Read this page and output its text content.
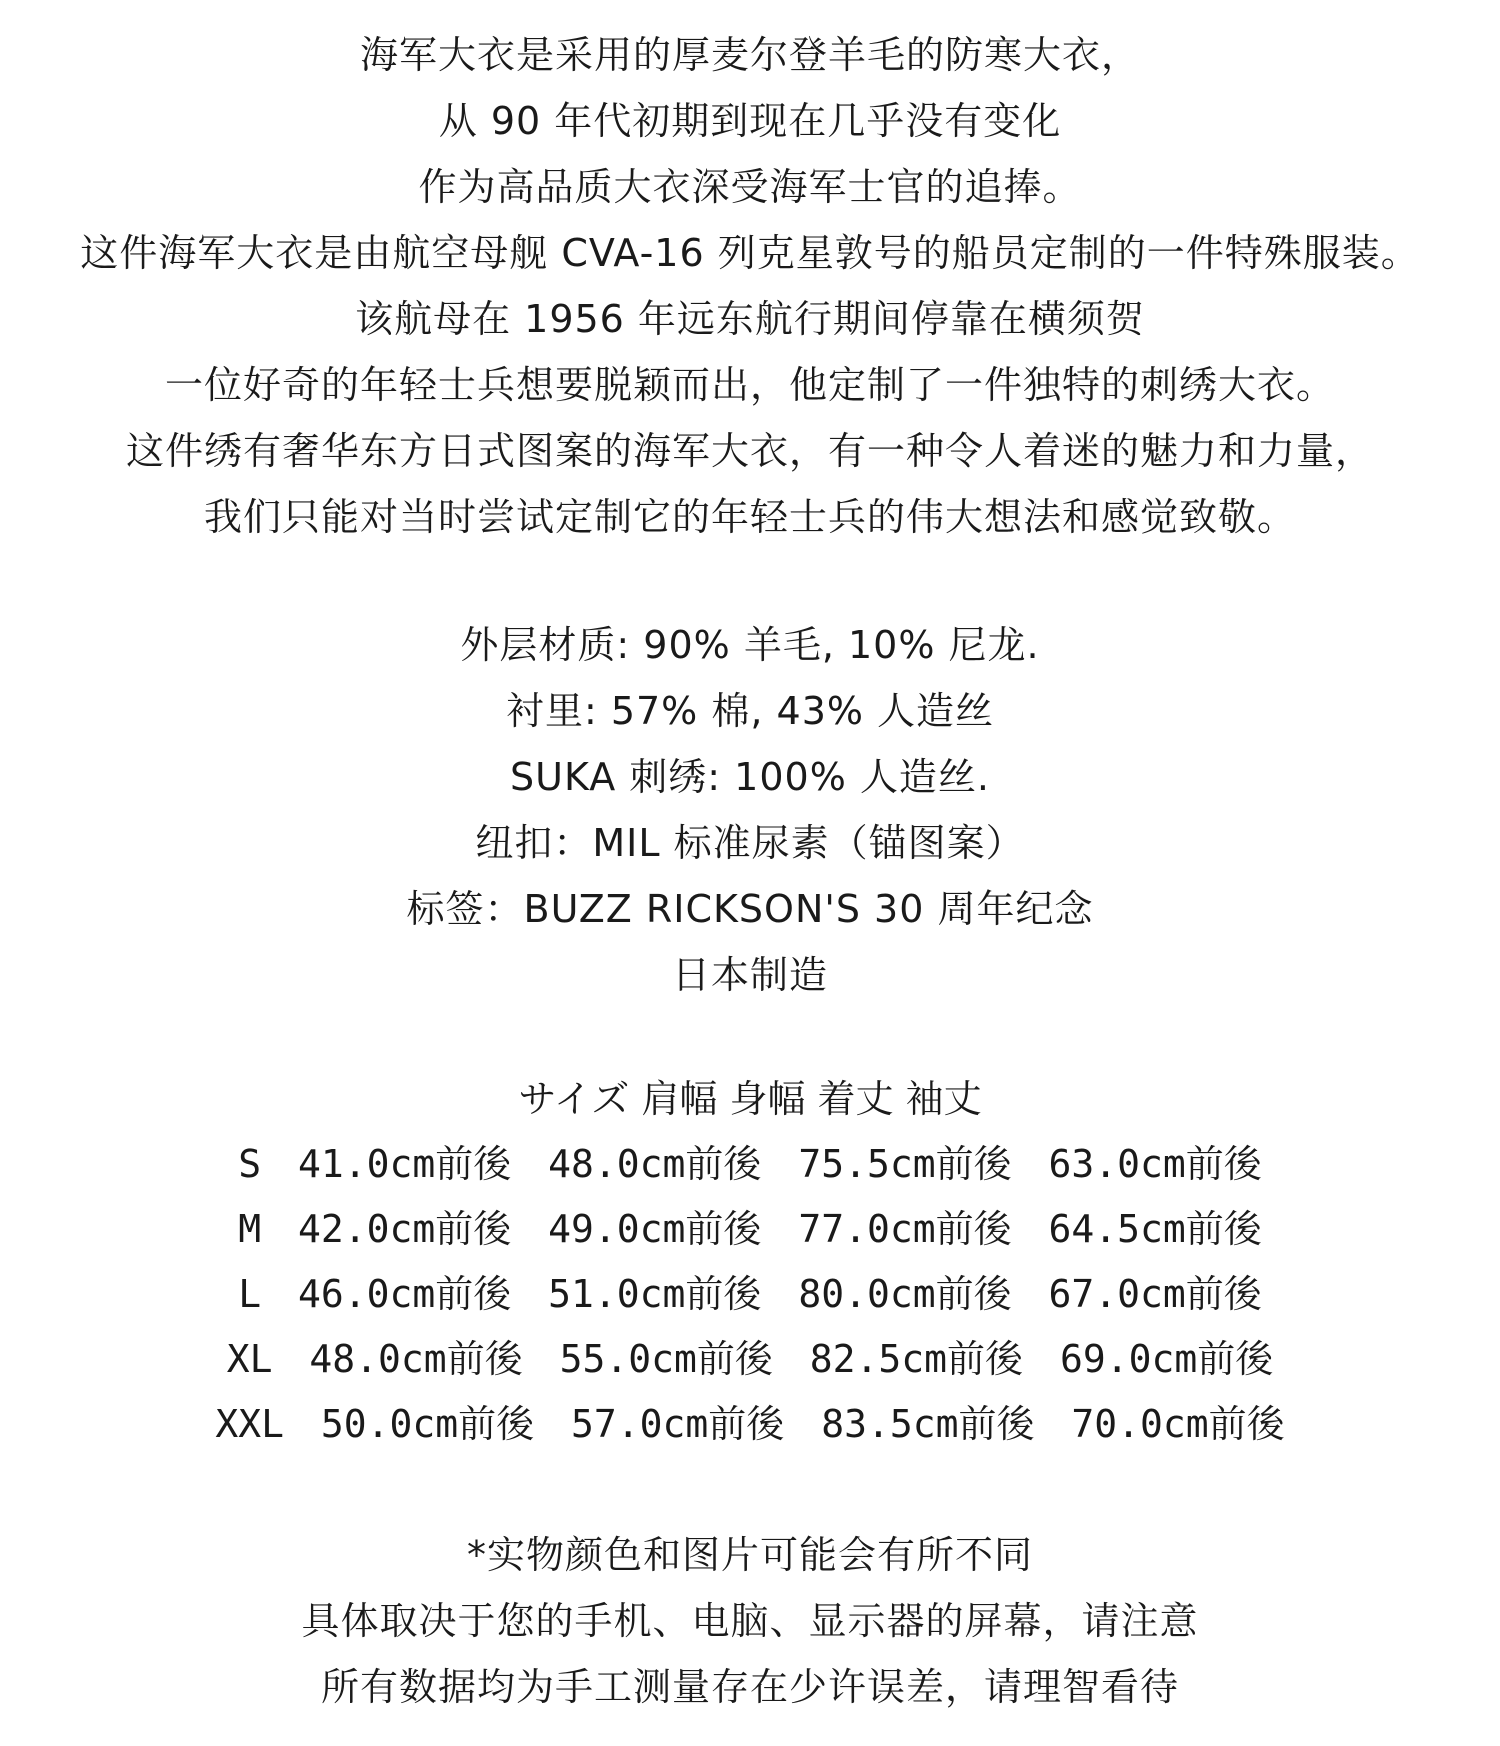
海军大衣是采用的厚麦尔登羊毛的防寒大衣，
从 90 年代初期到现在几乎没有变化
作为高品质大衣深受海军士官的追捧。
这件海军大衣是由航空母舰 CVA-16 列克星敦号的船员定制的一件特殊服装。
该航母在 1956 年远东航行期间停靠在横须贺
一位好奇的年轻士兵想要脱颖而出，他定制了一件独特的刺绣大衣。
这件绣有奢华东方日式图案的海军大衣，有一种令人着迷的魅力和力量，
我们只能对当时尝试定制它的年轻士兵的伟大想法和感觉致敬。
外层材质: 90% 羊毛, 10% 尼龙.
衬里: 57% 棉, 43% 人造丝
SUKA 刺绣: 100% 人造丝.
纽扣：MIL 标准尿素（锚图案）
标签：BUZZ RICKSON'S 30 周年纪念
日本制造
サイズ 肩幅 身幅 着丈 袖丈
S 41.0cm前後 48.0cm前後 75.5cm前後 63.0cm前後
M 42.0cm前後 49.0cm前後 77.0cm前後 64.5cm前後
L 46.0cm前後 51.0cm前後 80.0cm前後 67.0cm前後
XL 48.0cm前後 55.0cm前後 82.5cm前後 69.0cm前後
XXL 50.0cm前後 57.0cm前後 83.5cm前後 70.0cm前後
*实物颜色和图片可能会有所不同
具体取决于您的手机、电脑、显示器的屏幕，请注意
所有数据均为手工测量存在少许误差，请理智看待
